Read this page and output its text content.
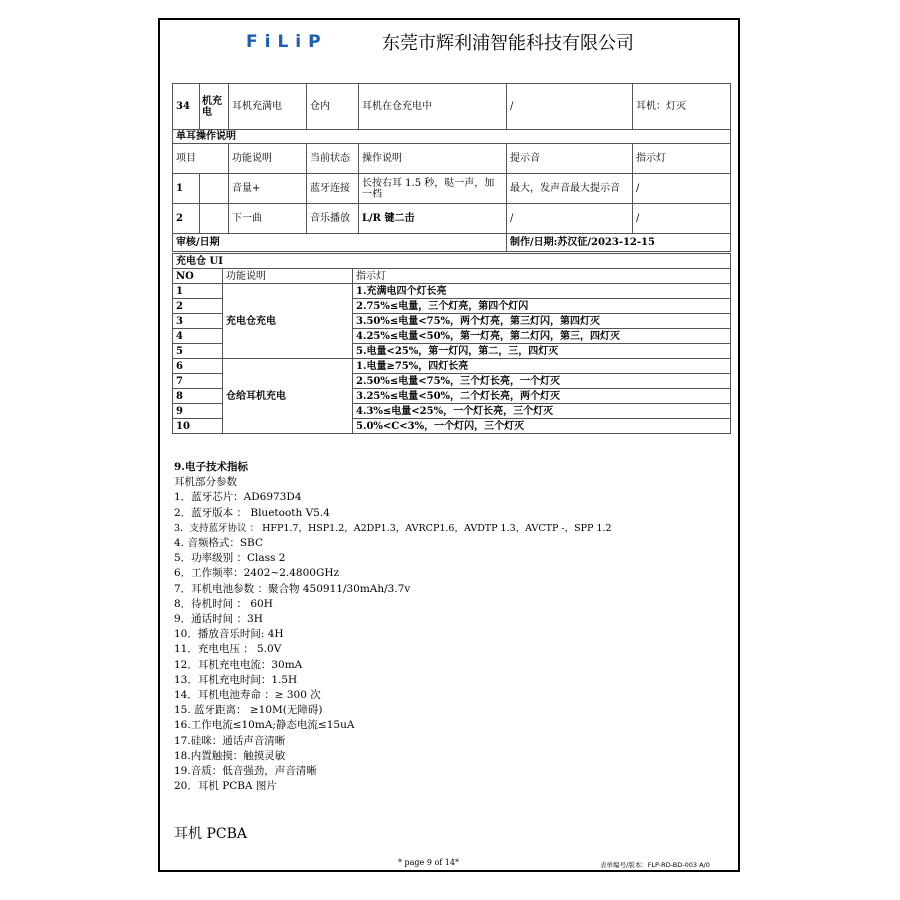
FiLiP	东莞市辉利浦智能科技有限公司
34	机充电	耳机充满电	仓内	耳机在仓充电中	/	耳机：灯灭
单耳操作说明						
项目		功能说明	当前状态	操作说明	提示音	指示灯
1		音量+	蓝牙连接	长按右耳 1.5 秒，哒一声，加一档	最大，发声音最大提示音	/
2		下一曲	音乐播放	L/R 键二击	/	/
审核/日期					制作/日期:苏汉征/2023-12-15	
充电仓 UI		
NO	功能说明	指示灯
1	充电仓充电	1.充满电四个灯长亮
2		2.75%≤电量，三个灯亮，第四个灯闪
3		3.50%≤电量<75%，两个灯亮，第三灯闪，第四灯灭
4		4.25%≤电量<50%，第一灯亮，第二灯闪，第三，四灯灭
5		5.电量<25%，第一灯闪，第二，三，四灯灭
6	仓给耳机充电	1.电量≥75%，四灯长亮
7		2.50%≤电量<75%，三个灯长亮，一个灯灭
8		3.25%≤电量<50%，二个灯长亮，两个灯灭
9		4.3%≤电量<25%，一个灯长亮，三个灯灭
10		5.0%<C<3%，一个灯闪，三个灯灭
9.电子技术指标
耳机部分参数
1．蓝牙芯片：AD6973D4
2．蓝牙版本 ： Bluetooth V5.4
3．支持蓝牙协议 ： HFP1.7，HSP1.2，A2DP1.3，AVRCP1.6，AVDTP 1.3，AVCTP -，SPP 1.2
4. 音频格式：SBC
5．功率级别 ：Class 2
6．工作频率：2402~2.4800GHz
7．耳机电池参数 ：聚合物 450911/30mAh/3.7v
8．待机时间 ： 60H
9．通话时间 ：3H
10．播放音乐时间: 4H
11．充电电压 ： 5.0V
12．耳机充电电流：30mA
13．耳机充电时间：1.5H
14．耳机电池寿命 ：≥ 300 次
15. 蓝牙距离： ≥10M(无障碍)
16.工作电流≤10mA;静态电流≤15uA
17.硅咪：通话声音清晰
18.内置触摸：触摸灵敏
19.音质：低音强劲，声音清晰
20．耳机 PCBA 图片
耳机 PCBA
* page 9 of 14*	表单编号/版本：FLP-RD-BD-003 A/0
